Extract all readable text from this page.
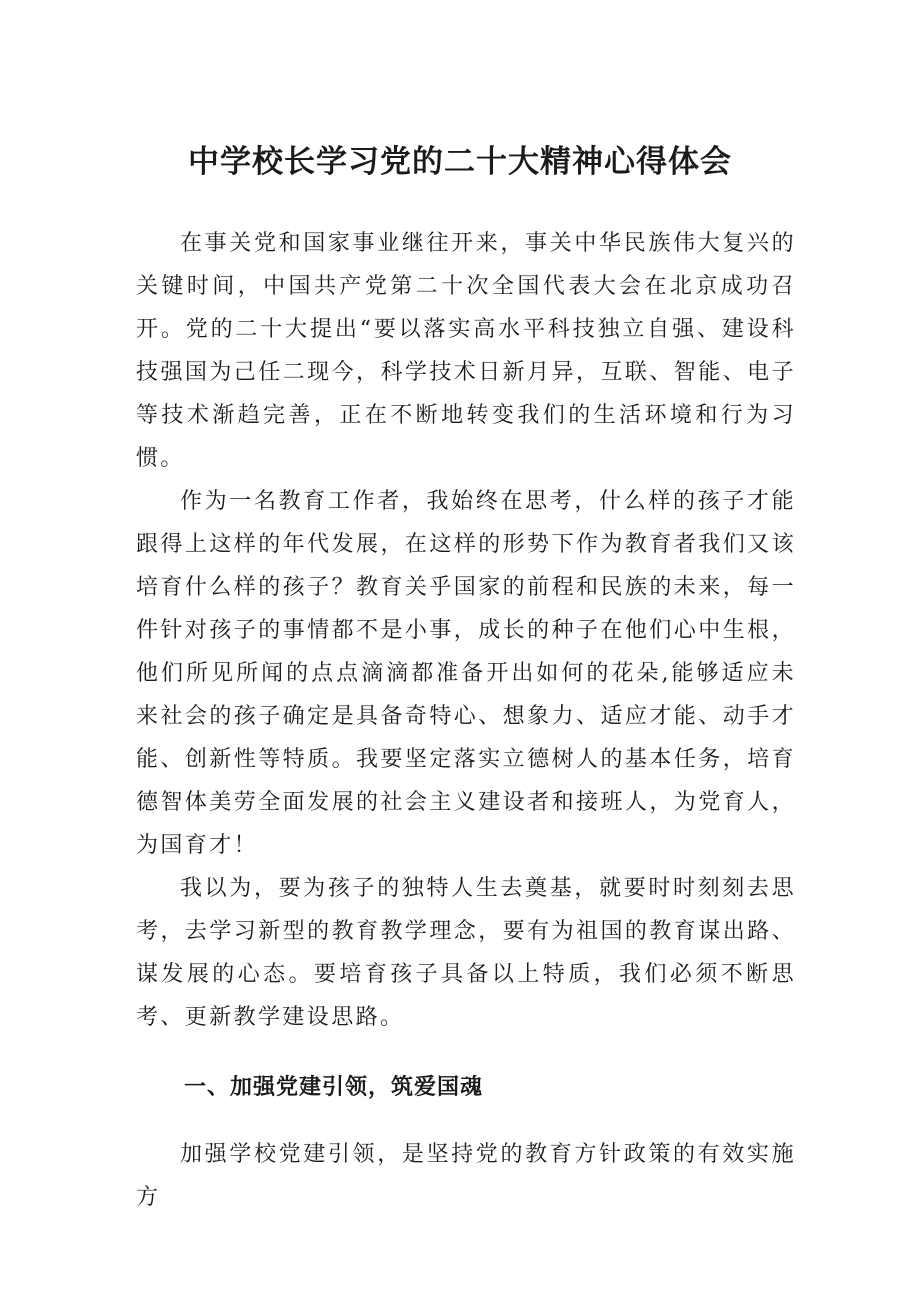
中学校长学习党的二十大精神心得体会

在事关党和国家事业继往开来，事关中华民族伟大复兴的关键时间，中国共产党第二十次全国代表大会在北京成功召开。党的二十大提出“要以落实高水平科技独立自强、建设科技强国为己任二现今，科学技术日新月异，互联、智能、电子等技术渐趋完善，正在不断地转变我们的生活环境和行为习惯。

作为一名教育工作者，我始终在思考，什么样的孩子才能跟得上这样的年代发展，在这样的形势下作为教育者我们又该培育什么样的孩子？教育关乎国家的前程和民族的未来，每一件针对孩子的事情都不是小事，成长的种子在他们心中生根，他们所见所闻的点点滴滴都准备开出如何的花朵,能够适应未来社会的孩子确定是具备奇特心、想象力、适应才能、动手才能、创新性等特质。我要坚定落实立德树人的基本任务，培育德智体美劳全面发展的社会主义建设者和接班人，为党育人，为国育才！

我以为，要为孩子的独特人生去奠基，就要时时刻刻去思考，去学习新型的教育教学理念，要有为祖国的教育谋出路、谋发展的心态。要培育孩子具备以上特质，我们必须不断思考、更新教学建设思路。

一、加强党建引领，筑爱国魂

加强学校党建引领，是坚持党的教育方针政策的有效实施方
